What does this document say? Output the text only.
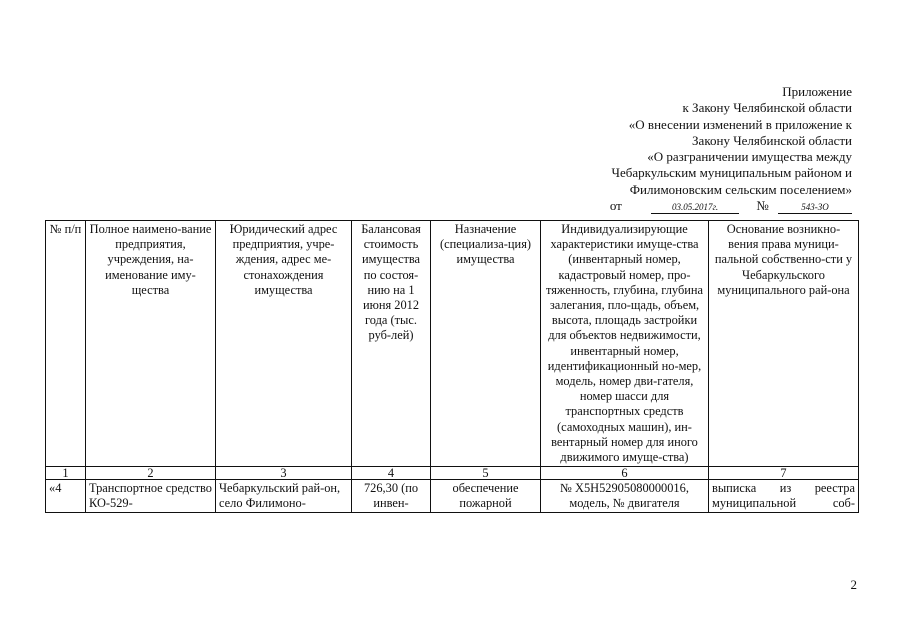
Приложение
к Закону Челябинской области
«О внесении изменений в приложение к
Закону Челябинской области
«О разграничении имущества между
Чебаркульским муниципальным районом и
Филимоновским сельским поселением»
от	03.05.2017г.	№	543-ЗО
№ п/п	Полное наимено-вание предприятия, учреждения, на-именование иму-щества	Юридический адрес предприятия, учре-ждения, адрес ме-стонахождения имущества	Балансовая стоимость имущества по состоя-нию на 1 июня 2012 года (тыс. руб-лей)	Назначение (специализа-ция) имущества	Индивидуализирующие характеристики имуще-ства (инвентарный номер, кадастровый номер, про-тяженность, глубина, глубина залегания, пло-щадь, объем, высота, площадь застройки для объектов недвижимости, инвентарный номер, идентификационный но-мер, модель, номер дви-гателя, номер шасси для транспортных средств (самоходных машин), ин-вентарный номер для иного движимого имуще-ства)	Основание возникно-вения права муници-пальной собственно-сти у Чебаркульского муниципального рай-она
1	2	3	4	5	6	7
«4	Транспортное средство КО-529-	Чебаркульский рай-он, село Филимоно-	726,30 (по инвен-	обеспечение пожарной	№ X5H52905080000016, модель, № двигателя	выписка из реестра муниципальной соб-
2
